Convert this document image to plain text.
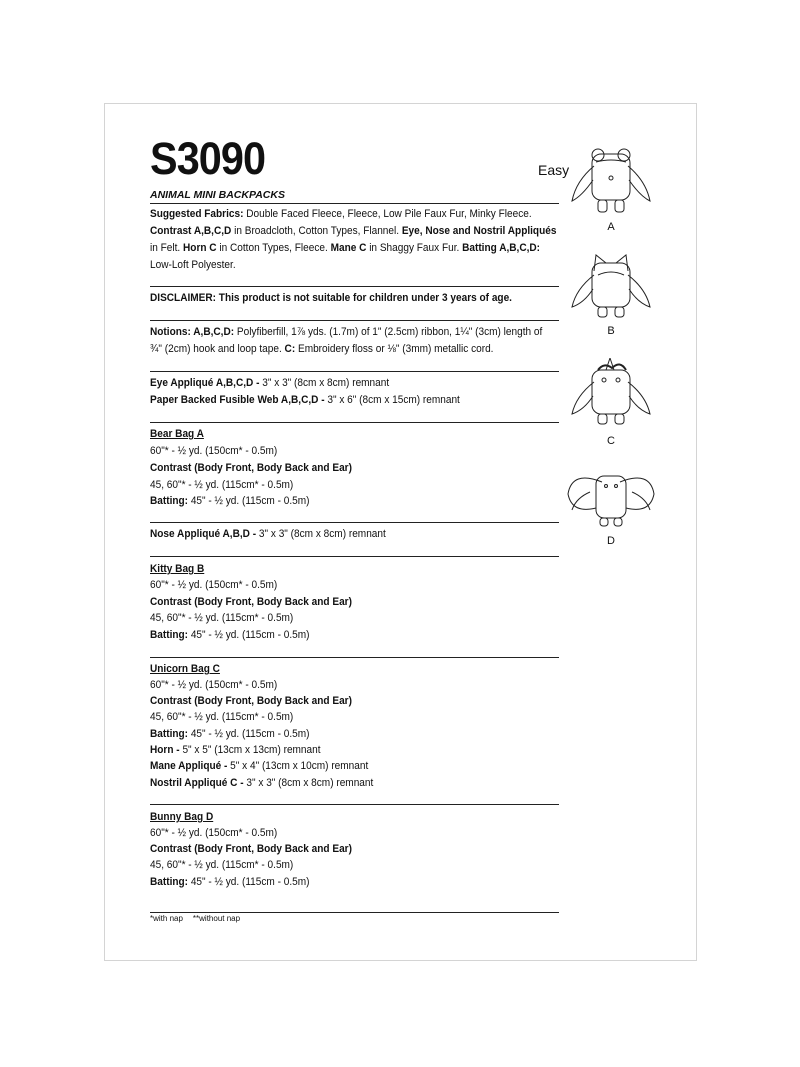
S3090	Easy
ANIMAL MINI BACKPACKS
Suggested Fabrics: Double Faced Fleece, Fleece, Low Pile Faux Fur, Minky Fleece.
Contrast A,B,C,D in Broadcloth, Cotton Types, Flannel. Eye, Nose and Nostril Appliqués
in Felt. Horn C in Cotton Types, Fleece. Mane C in Shaggy Faux Fur. Batting A,B,C,D:
Low-Loft Polyester.
DISCLAIMER: This product is not suitable for children under 3 years of age.
Notions: A,B,C,D: Polyfiberfill, 1⅞ yds. (1.7m) of 1" (2.5cm) ribbon, 1¼" (3cm) length of
¾" (2cm) hook and loop tape. C: Embroidery floss or ⅛" (3mm) metallic cord.
Eye Appliqué A,B,C,D - 3" x 3" (8cm x 8cm) remnant
Paper Backed Fusible Web A,B,C,D - 3" x 6" (8cm x 15cm) remnant
Bear Bag A
60"* - ½ yd. (150cm* - 0.5m)
Contrast (Body Front, Body Back and Ear)
45, 60"* - ½ yd. (115cm* - 0.5m)
Batting: 45" - ½ yd. (115cm - 0.5m)
Nose Appliqué A,B,D - 3" x 3" (8cm x 8cm) remnant
Kitty Bag B
60"* - ½ yd. (150cm* - 0.5m)
Contrast (Body Front, Body Back and Ear)
45, 60"* - ½ yd. (115cm* - 0.5m)
Batting: 45" - ½ yd. (115cm - 0.5m)
Unicorn Bag C
60"* - ½ yd. (150cm* - 0.5m)
Contrast (Body Front, Body Back and Ear)
45, 60"* - ½ yd. (115cm* - 0.5m)
Batting: 45" - ½ yd. (115cm - 0.5m)
Horn - 5" x 5" (13cm x 13cm) remnant
Mane Appliqué - 5" x 4" (13cm x 10cm) remnant
Nostril Appliqué C - 3" x 3" (8cm x 8cm) remnant
Bunny Bag D
60"* - ½ yd. (150cm* - 0.5m)
Contrast (Body Front, Body Back and Ear)
45, 60"* - ½ yd. (115cm* - 0.5m)
Batting: 45" - ½ yd. (115cm - 0.5m)
*with nap **without nap
A
B
C
D
